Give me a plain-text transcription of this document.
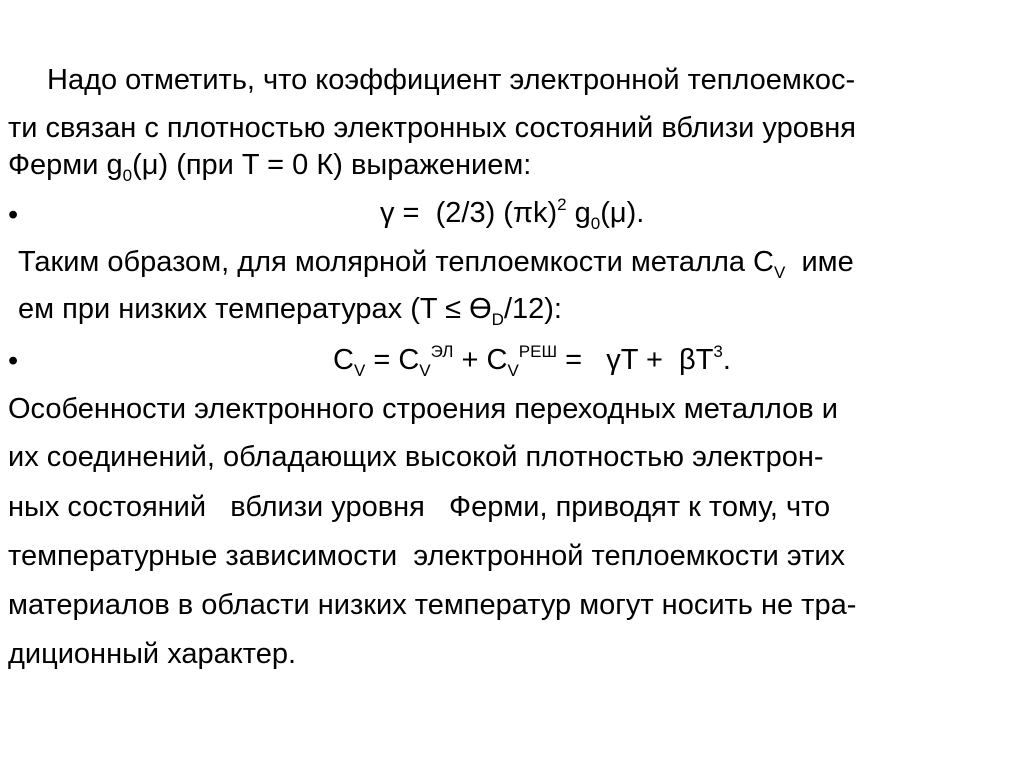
Надо отметить, что коэффициент электронной теплоемкос-
ти связан с плотностью электронных состояний вблизи уровня
Ферми $g_0(\mu)$ (при T = 0 К) выражением:
•	γ =  (2/3) $(\pi k)^2$ $g_0(\mu)$.
Таким образом, для молярной теплоемкости металла $C_V$  име
ем при низких температурах $(T \le Ө_D/12)$:
•	$C_V = C_V^{ЭЛ} + C_V^{РЕШ} = \gamma T + \beta T^3$.
Особенности электронного строения переходных металлов и
их соединений, обладающих высокой плотностью электрон-
ных состояний   вблизи уровня   Ферми, приводят к тому, что
температурные зависимости  электронной теплоемкости этих
материалов в области низких температур могут носить не тра-
диционный характер.
